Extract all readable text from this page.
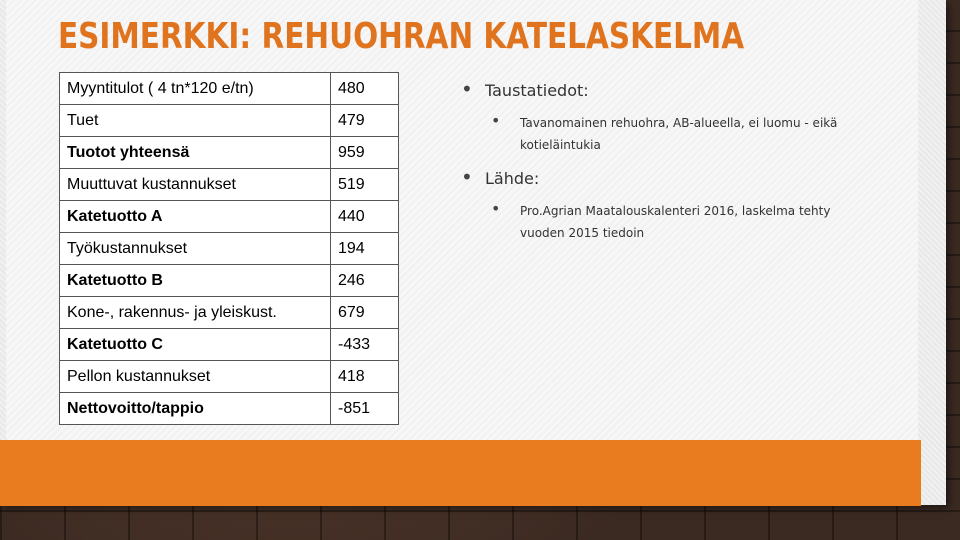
ESIMERKKI: REHUOHRAN KATELASKELMA
Myyntitulot ( 4 tn*120 e/tn)	480
Tuet	479
Tuotot yhteensä	959
Muuttuvat kustannukset	519
Katetuotto A	440
Työkustannukset	194
Katetuotto B	246
Kone-, rakennus- ja yleiskust.	679
Katetuotto C	-433
Pellon kustannukset	418
Nettovoitto/tappio	-851
• Taustatiedot:
• Tavanomainen rehuohra, AB-alueella, ei luomu - eikä kotieläintukia
• Lähde:
• Pro.Agrian Maatalouskalenteri 2016, laskelma tehty vuoden 2015 tiedoin
